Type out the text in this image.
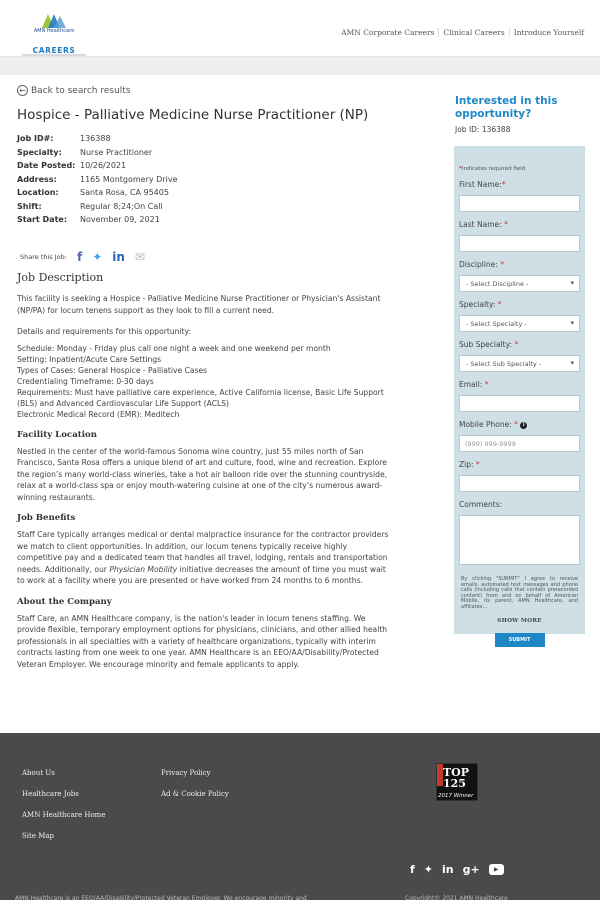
AMN Healthcare
CAREERS
AMN Corporate Careers	Clinical Careers	Introduce Yourself
← Back to search results
Hospice - Palliative Medicine Nurse Practitioner (NP)
Job ID#:	136388
Specialty:	Nurse Practitioner
Date Posted: 10/26/2021
Address:	1165 Montgomery Drive
Location:	Santa Rosa, CA 95405
Shift:	Regular 8;24;On Call
Start Date:	November 09, 2021
Share this Job: f ✦ in ✉
Job Description

This facility is seeking a Hospice - Palliative Medicine Nurse Practitioner or Physician's Assistant (NP/PA) for locum tenens support as they look to fill a current need.

Details and requirements for this opportunity:

Schedule: Monday - Friday plus call one night a week and one weekend per month
Setting: Inpatient/Acute Care Settings
Types of Cases: General Hospice - Palliative Cases
Credentialing Timeframe: 0-30 days
Requirements: Must have palliative care experience, Active California license, Basic Life Support (BLS) and Advanced Cardiovascular Life Support (ACLS)
Electronic Medical Record (EMR): Meditech
Facility Location

Nestled in the center of the world-famous Sonoma wine country, just 55 miles north of San Francisco, Santa Rosa offers a unique blend of art and culture, food, wine and recreation. Explore the region’s many world-class wineries, take a hot air balloon ride over the stunning countryside, relax at a world-class spa or enjoy mouth-watering cuisine at one of the city’s numerous award-winning restaurants.

Job Benefits

Staff Care typically arranges medical or dental malpractice insurance for the contractor providers we match to client opportunities. In addition, our locum tenens typically receive highly competitive pay and a dedicated team that handles all travel, lodging, rentals and transportation needs. Additionally, our Physician Mobility initiative decreases the amount of time you must wait to work at a facility where you are presented or have worked from 24 months to 6 months.

About the Company

Staff Care, an AMN Healthcare company, is the nation's leader in locum tenens staffing. We provide flexible, temporary employment options for physicians, clinicians, and other allied health professionals in all specialties with a variety of healthcare organizations, typically with interim contracts lasting from one week to one year. AMN Healthcare is an EEO/AA/Disability/Protected Veteran Employer. We encourage minority and female applicants to apply.

Interested in this opportunity?
Job ID: 136388
*Indicates required field
First Name:*
Last Name: *
Discipline: *
- Select Discipline - ▾
Specialty: *
- Select Specialty - ▾
Sub Specialty: *
- Select Sub Specialty - ▾
Email: *
Mobile Phone: * i
(999) 999-9999
Zip: *
Comments:
By clicking "SUBMIT" I agree to receive emails, automated text messages and phone calls (including calls that contain prerecorded content) from and on behalf of American Mobile, its parent, AMN Healthcare, and affiliates...
SHOW MORE
SUBMIT
About Us
Healthcare Jobs
AMN Healthcare Home
Site Map
Privacy Policy
Ad & Cookie Policy
TOP 125
2017 Winner
f ✦ in g+	▶
AMN Healthcare is an EEO/AA/Disability/Protected Veteran Employer. We encourage minority and	Copyright© 2021 AMN Healthcare
